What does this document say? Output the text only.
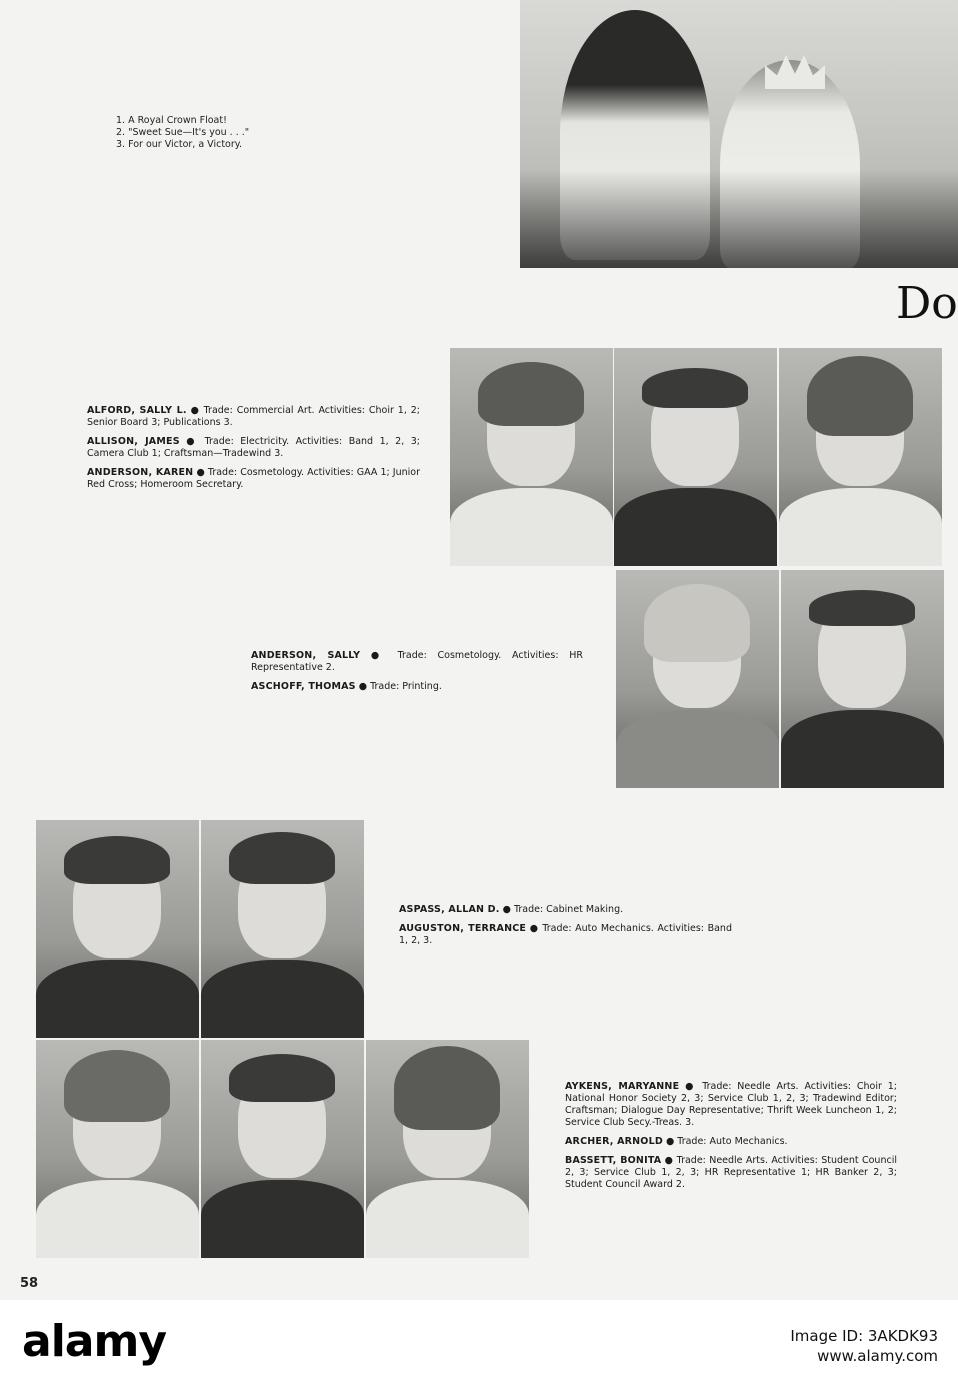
1. A Royal Crown Float!
2. "Sweet Sue—It's you . . ."
3. For our Victor, a Victory.
Do
ALFORD, SALLY L. ● Trade: Commercial Art. Activities: Choir 1, 2; Senior Board 3; Publications 3.
ALLISON, JAMES ● Trade: Electricity. Activities: Band 1, 2, 3; Camera Club 1; Craftsman—Tradewind 3.
ANDERSON, KAREN ● Trade: Cosmetology. Activities: GAA 1; Junior Red Cross; Homeroom Secretary.
ANDERSON, SALLY ● Trade: Cosmetology. Activities: HR Representative 2.
ASCHOFF, THOMAS ● Trade: Printing.
ASPASS, ALLAN D. ● Trade: Cabinet Making.
AUGUSTON, TERRANCE ● Trade: Auto Mechanics. Activities: Band 1, 2, 3.
AYKENS, MARYANNE ● Trade: Needle Arts. Activities: Choir 1; National Honor Society 2, 3; Service Club 1, 2, 3; Tradewind Editor; Craftsman; Dialogue Day Representative; Thrift Week Luncheon 1, 2; Service Club Secy.-Treas. 3.
ARCHER, ARNOLD ● Trade: Auto Mechanics.
BASSETT, BONITA ● Trade: Needle Arts. Activities: Student Council 2, 3; Service Club 1, 2, 3; HR Representative 1; HR Banker 2, 3; Student Council Award 2.
58
alamy	Image ID: 3AKDK93
www.alamy.com
